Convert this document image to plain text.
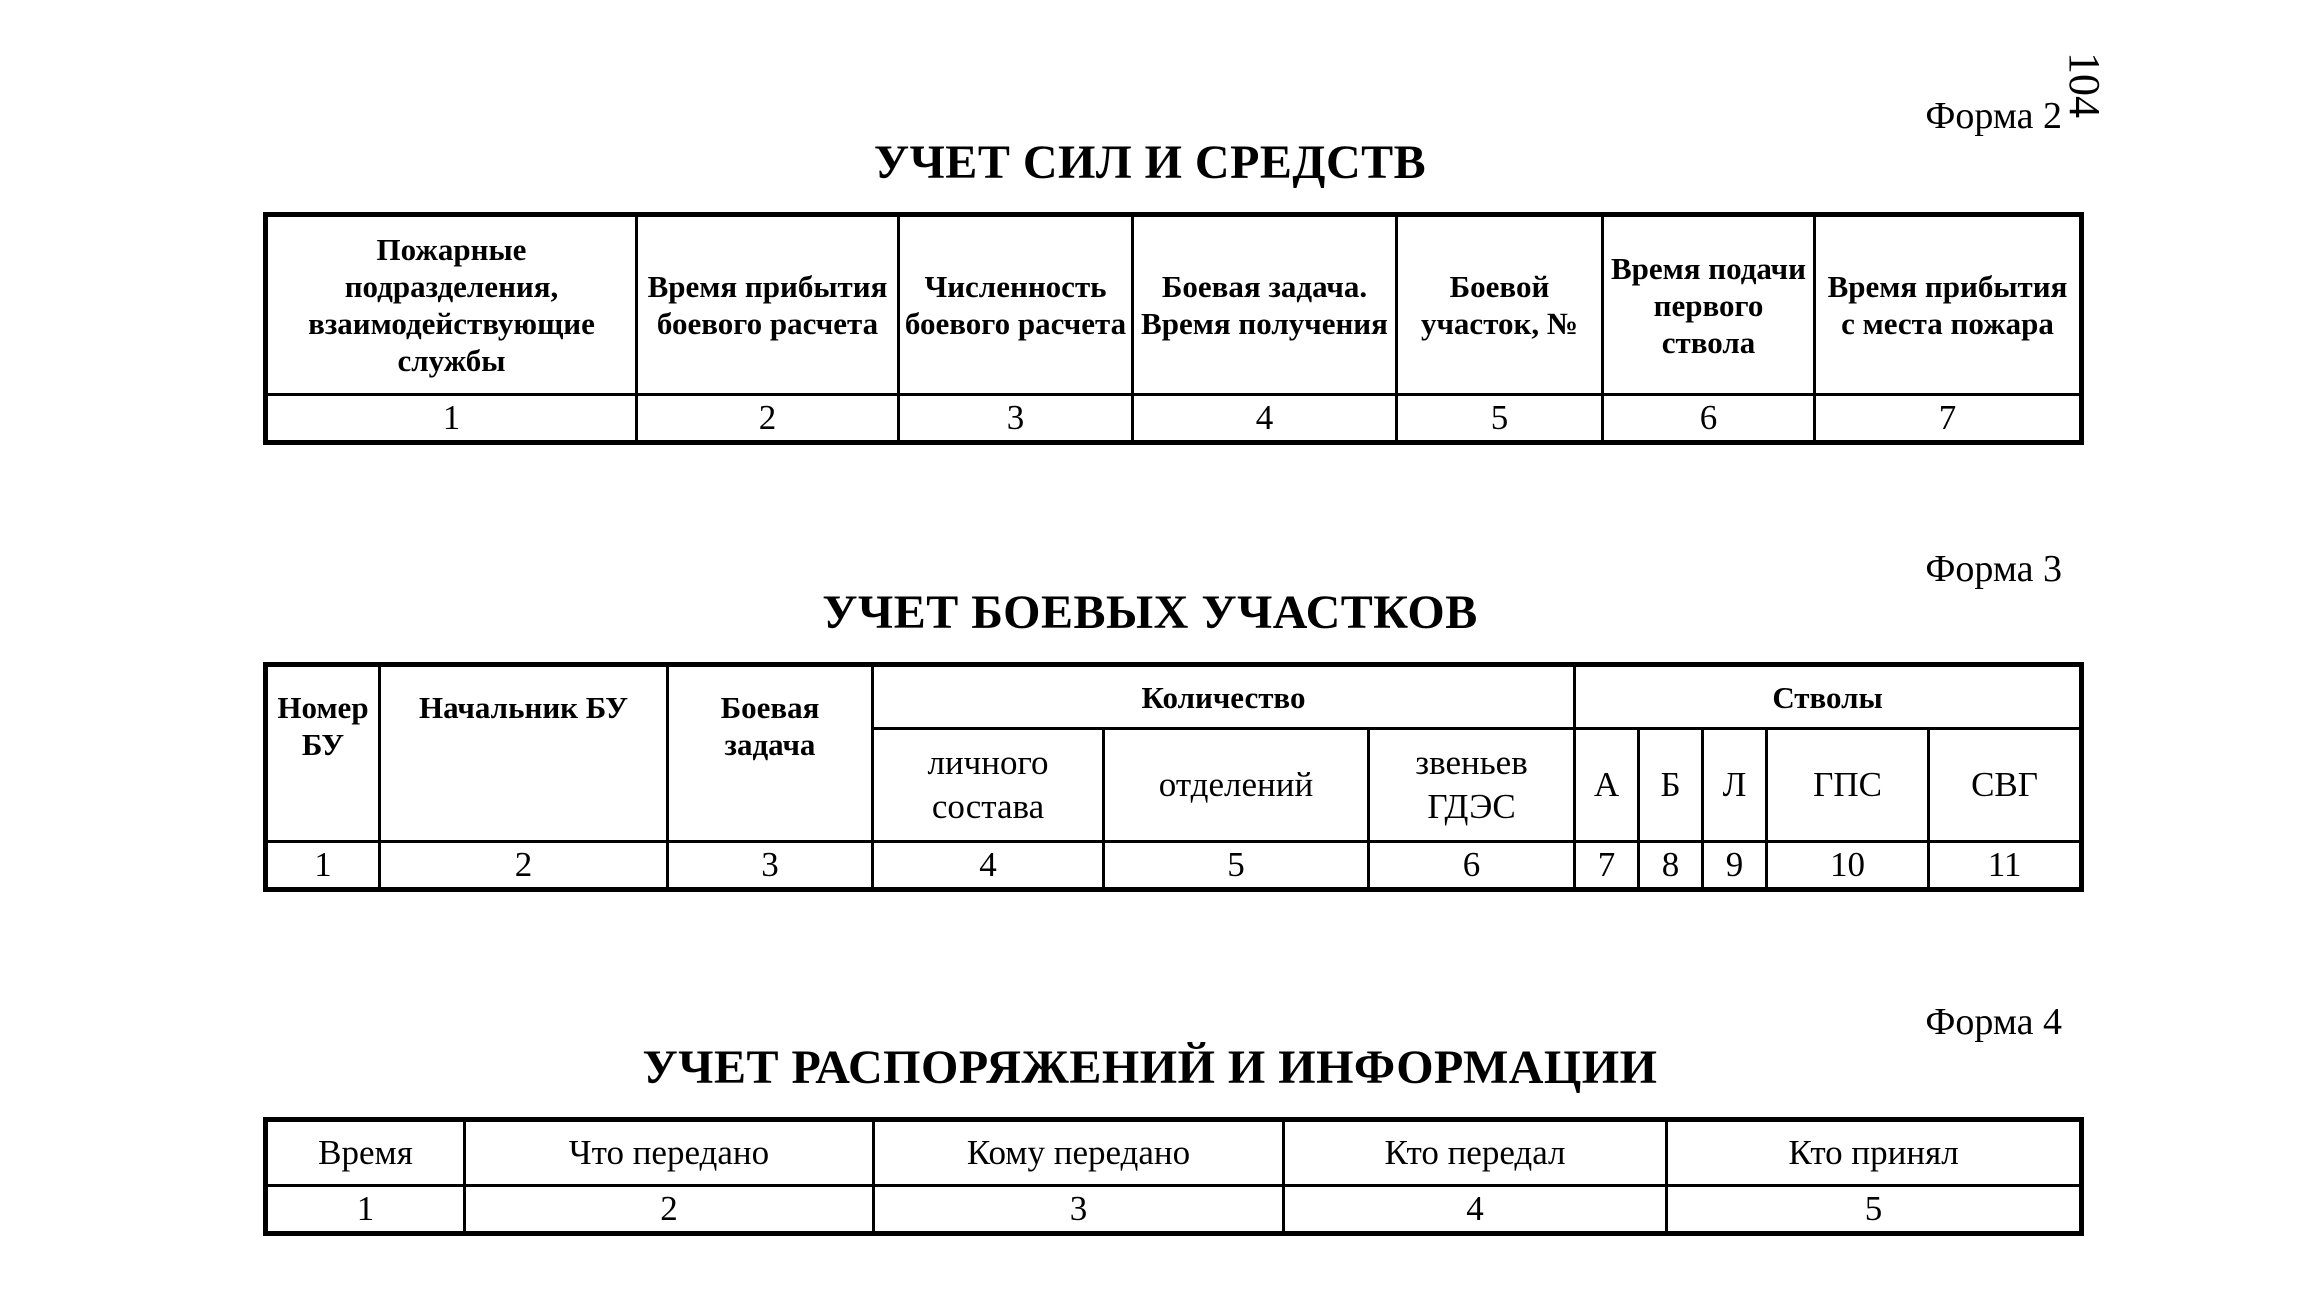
104
Форма 2
УЧЕТ СИЛ И СРЕДСТВ
Пожарные подразделения, взаимодействующие службы	Время прибытия боевого расчета	Численность боевого расчета	Боевая задача. Время получения	Боевой участок, №	Время подачи первого ствола	Время прибытия с места пожара
1	2	3	4	5	6	7
Форма 3
УЧЕТ БОЕВЫХ УЧАСТКОВ
Номер БУ	Начальник БУ	Боевая задача	Количество			Стволы				
			личного состава	отделений	звеньев ГДЭС	А	Б	Л	ГПС	СВГ
1	2	3	4	5	6	7	8	9	10	11
Форма 4
УЧЕТ РАСПОРЯЖЕНИЙ И ИНФОРМАЦИИ
Время	Что передано	Кому передано	Кто передал	Кто принял
1	2	3	4	5
